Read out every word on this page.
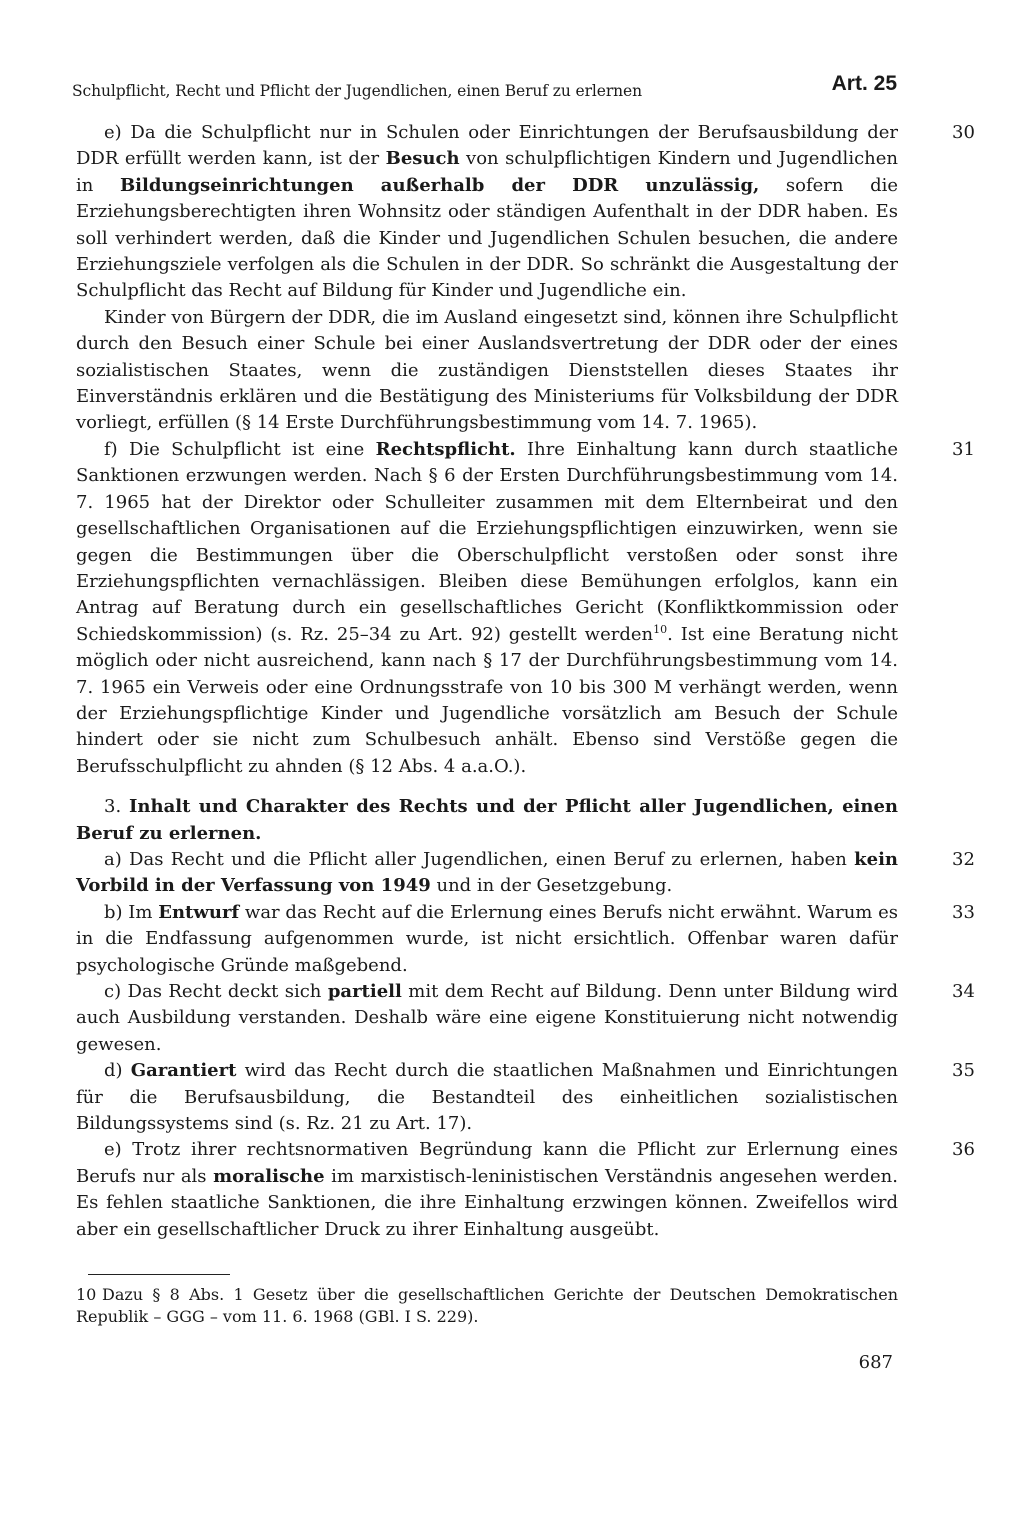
Schulpflicht, Recht und Pflicht der Jugendlichen, einen Beruf zu erlernen	Art. 25

e) Da die Schulpflicht nur in Schulen oder Einrichtungen der Berufsausbildung der DDR erfüllt werden kann, ist der Besuch von schulpflichtigen Kindern und Jugendlichen in Bildungseinrichtungen außerhalb der DDR unzulässig, sofern die Erziehungsberechtigten ihren Wohnsitz oder ständigen Aufenthalt in der DDR haben. Es soll verhindert werden, daß die Kinder und Jugendlichen Schulen besuchen, die andere Erziehungsziele verfolgen als die Schulen in der DDR. So schränkt die Ausgestaltung der Schulpflicht das Recht auf Bildung für Kinder und Jugendliche ein.
30

Kinder von Bürgern der DDR, die im Ausland eingesetzt sind, können ihre Schulpflicht durch den Besuch einer Schule bei einer Auslandsvertretung der DDR oder der eines sozialistischen Staates, wenn die zuständigen Dienststellen dieses Staates ihr Einverständnis erklären und die Bestätigung des Ministeriums für Volksbildung der DDR vorliegt, erfüllen (§ 14 Erste Durchführungsbestimmung vom 14. 7. 1965).

f) Die Schulpflicht ist eine Rechtspflicht. Ihre Einhaltung kann durch staatliche Sanktionen erzwungen werden. Nach § 6 der Ersten Durchführungsbestimmung vom 14. 7. 1965 hat der Direktor oder Schulleiter zusammen mit dem Elternbeirat und den gesellschaftlichen Organisationen auf die Erziehungspflichtigen einzuwirken, wenn sie gegen die Bestimmungen über die Oberschulpflicht verstoßen oder sonst ihre Erziehungspflichten vernachlässigen. Bleiben diese Bemühungen erfolglos, kann ein Antrag auf Beratung durch ein gesellschaftliches Gericht (Konfliktkommission oder Schiedskommission) (s. Rz. 25–34 zu Art. 92) gestellt werden$^{10}$. Ist eine Beratung nicht möglich oder nicht ausreichend, kann nach § 17 der Durchführungsbestimmung vom 14. 7. 1965 ein Verweis oder eine Ordnungsstrafe von 10 bis 300 M verhängt werden, wenn der Erziehungspflichtige Kinder und Jugendliche vorsätzlich am Besuch der Schule hindert oder sie nicht zum Schulbesuch anhält. Ebenso sind Verstöße gegen die Berufsschulpflicht zu ahnden (§ 12 Abs. 4 a.a.O.).
31

3. Inhalt und Charakter des Rechts und der Pflicht aller Jugendlichen, einen Beruf zu erlernen.

a) Das Recht und die Pflicht aller Jugendlichen, einen Beruf zu erlernen, haben kein Vorbild in der Verfassung von 1949 und in der Gesetzgebung.
32

b) Im Entwurf war das Recht auf die Erlernung eines Berufs nicht erwähnt. Warum es in die Endfassung aufgenommen wurde, ist nicht ersichtlich. Offenbar waren dafür psychologische Gründe maßgebend.
33

c) Das Recht deckt sich partiell mit dem Recht auf Bildung. Denn unter Bildung wird auch Ausbildung verstanden. Deshalb wäre eine eigene Konstituierung nicht notwendig gewesen.
34

d) Garantiert wird das Recht durch die staatlichen Maßnahmen und Einrichtungen für die Berufsausbildung, die Bestandteil des einheitlichen sozialistischen Bildungssystems sind (s. Rz. 21 zu Art. 17).
35

e) Trotz ihrer rechtsnormativen Begründung kann die Pflicht zur Erlernung eines Berufs nur als moralische im marxistisch-leninistischen Verständnis angesehen werden. Es fehlen staatliche Sanktionen, die ihre Einhaltung erzwingen können. Zweifellos wird aber ein gesellschaftlicher Druck zu ihrer Einhaltung ausgeübt.
36

10 Dazu § 8 Abs. 1 Gesetz über die gesellschaftlichen Gerichte der Deutschen Demokratischen Republik – GGG – vom 11. 6. 1968 (GBl. I S. 229).
687
